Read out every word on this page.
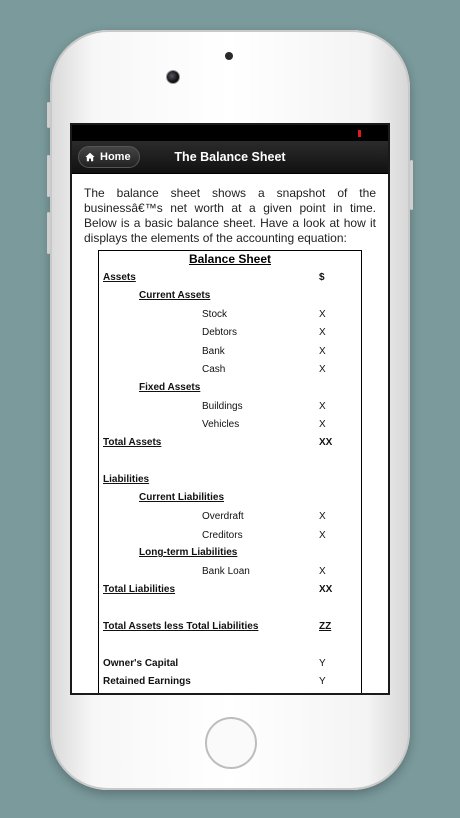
Home	The Balance Sheet

The balance sheet shows a snapshot of the businessâ€™s net worth at a given point in time. Below is a basic balance sheet. Have a look at how it displays the elements of the accounting equation:

Balance Sheet
Assets	$
Current Assets
Stock	X
Debtors	X
Bank	X
Cash	X
Fixed Assets
Buildings	X
Vehicles	X
Total Assets	XX
Liabilities
Current Liabilities
Overdraft	X
Creditors	X
Long-term Liabilities
Bank Loan	X
Total Liabilities	XX
Total Assets less Total Liabilities	ZZ
Owner's Capital	Y
Retained Earnings	Y
